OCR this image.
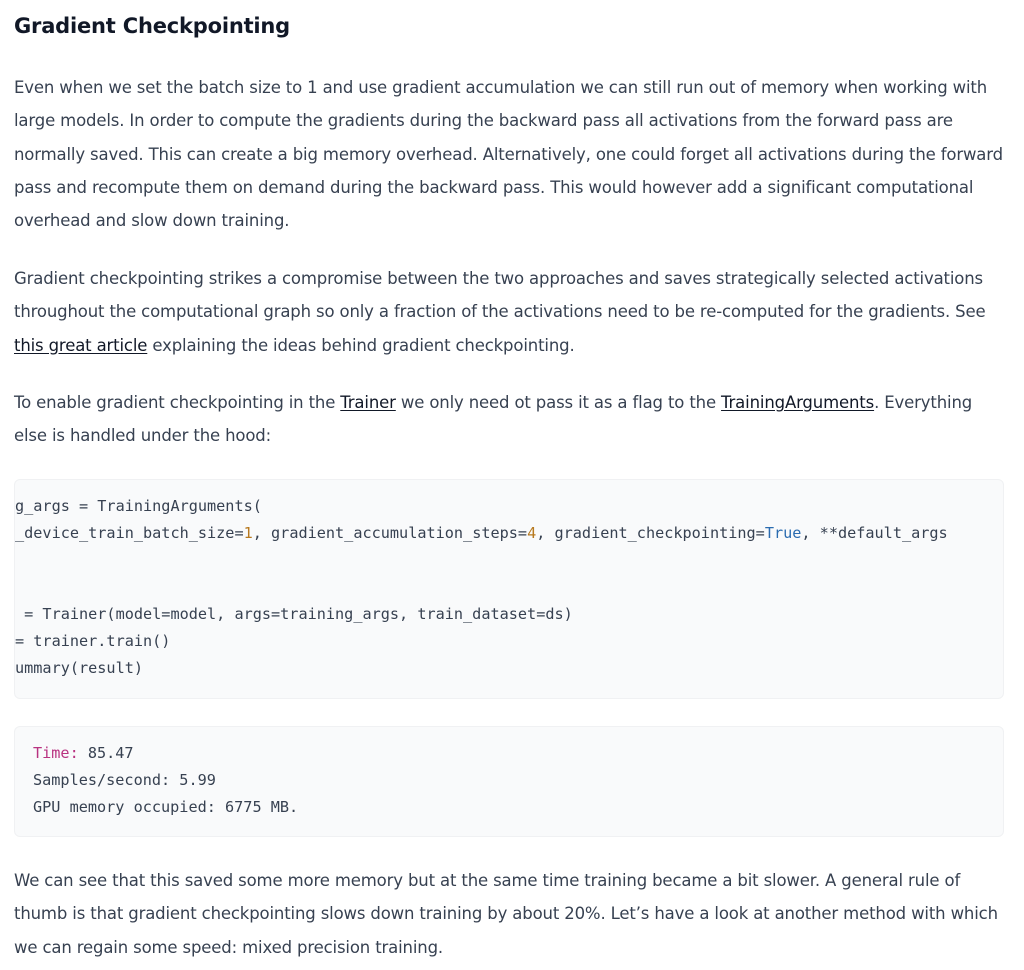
Gradient Checkpointing

Even when we set the batch size to 1 and use gradient accumulation we can still run out of memory when working with large models. In order to compute the gradients during the backward pass all activations from the forward pass are normally saved. This can create a big memory overhead. Alternatively, one could forget all activations during the forward pass and recompute them on demand during the backward pass. This would however add a significant computational overhead and slow down training.

Gradient checkpointing strikes a compromise between the two approaches and saves strategically selected activations throughout the computational graph so only a fraction of the activations need to be re-computed for the gradients. See this great article explaining the ideas behind gradient checkpointing.

To enable gradient checkpointing in the Trainer we only need ot pass it as a flag to the TrainingArguments. Everything else is handled under the hood:

g_args = TrainingArguments(
_device_train_batch_size=1, gradient_accumulation_steps=4, gradient_checkpointing=True, **default_args
= Trainer(model=model, args=training_args, train_dataset=ds)
= trainer.train()
ummary(result)
Time: 85.47
Samples/second: 5.99
GPU memory occupied: 6775 MB.

We can see that this saved some more memory but at the same time training became a bit slower. A general rule of thumb is that gradient checkpointing slows down training by about 20%. Let’s have a look at another method with which we can regain some speed: mixed precision training.
